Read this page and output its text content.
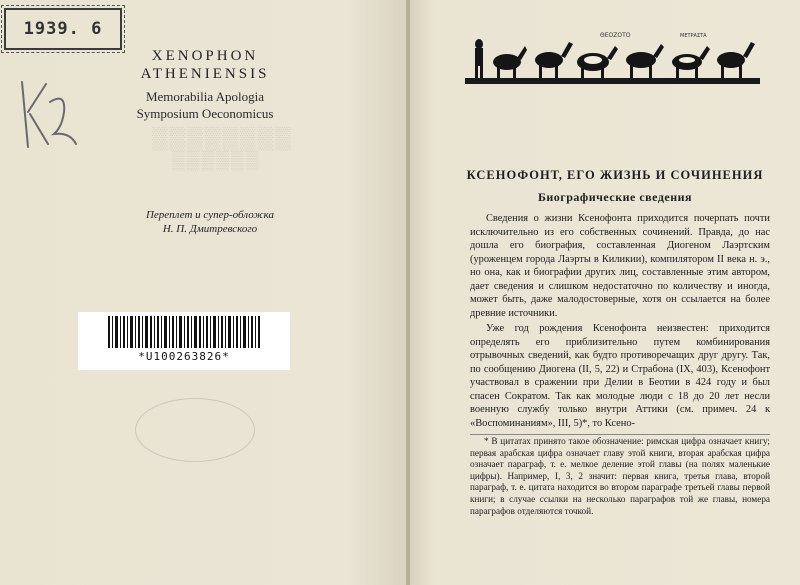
1939. 6
▒▒▒▒▒▒▒▒
▒▒▒▒▒▒
XENOPHON
ATHENIENSIS
Memorabilia Apologia
Symposium Oeconomicus
Переплет и супер-обложка
Н. П. Дмитревского
*U100263826*
ΘΕΟΖΟΤΟ	ΜΕΤΡΑΣΤΑ
КСЕНОФОНТ, ЕГО ЖИЗНЬ И СОЧИНЕНИЯ
Биографические сведения

Сведения о жизни Ксенофонта приходится почерпать почти исключительно из его собственных сочинений. Правда, до нас дошла его биография, составленная Диогеном Лаэртским (уроженцем города Лаэрты в Киликии), компилятором II века н. э., но она, как и биографии других лиц, составленные этим автором, дает сведения и слишком недостаточно по количеству и иногда, может быть, даже малодостоверные, хотя он ссылается на более древние источники.

Уже год рождения Ксенофонта неизвестен: приходится определять его приблизительно путем комбинирования отрывочных сведений, как будто противоречащих друг другу. Так, по сообщению Диогена (II, 5, 22) и Страбона (IX, 403), Ксенофонт участвовал в сражении при Делии в Беотии в 424 году и был спасен Сократом. Так как молодые люди с 18 до 20 лет несли военную службу только внутри Аттики (см. примеч. 24 к «Воспоминаниям», III, 5)*, то Ксено-

* В цитатах принято такое обозначение: римская цифра означает книгу; первая арабская цифра означает главу этой книги, вторая арабская цифра означает параграф, т. е. мелкое деление этой главы (на полях маленькие цифры). Например, I, 3, 2 значит: первая книга, третья глава, второй параграф, т. е. цитата находится во втором параграфе третьей главы первой книги; в случае ссылки на несколько параграфов той же главы, номера параграфов отделяются точкой.
